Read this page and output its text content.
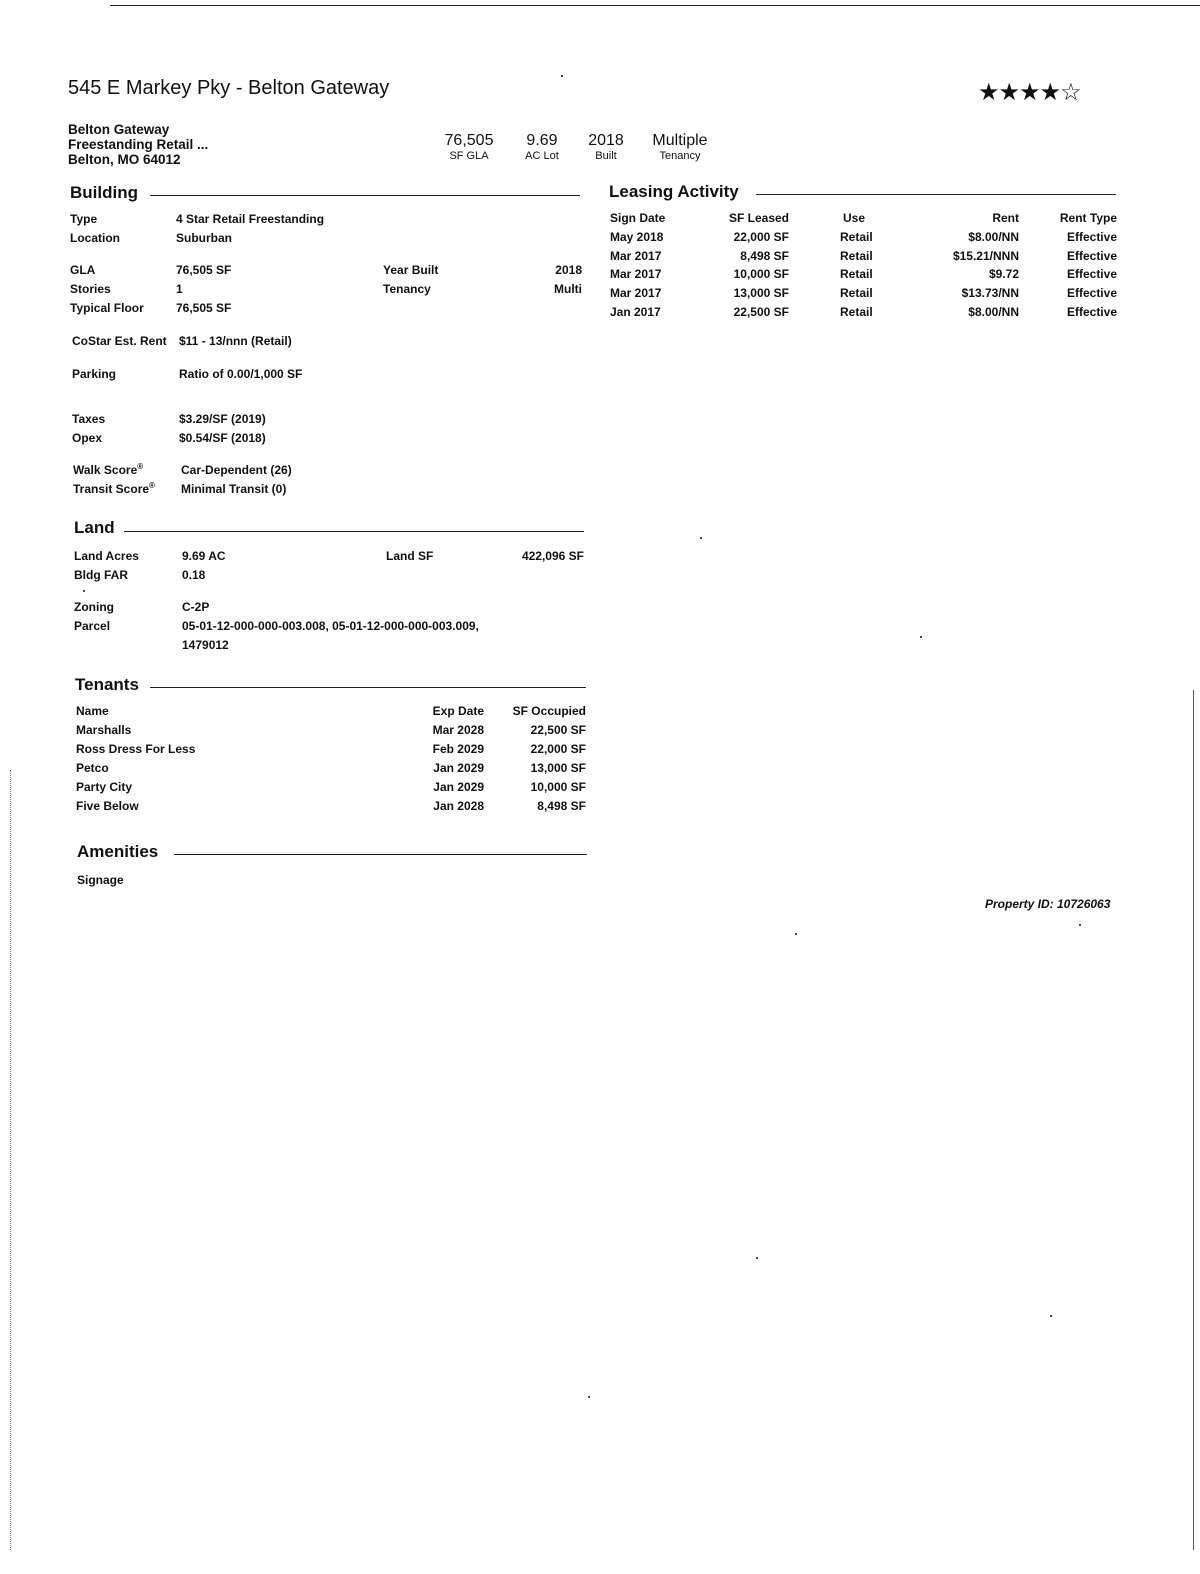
545 E Markey Pky - Belton Gateway	★★★★☆
Belton Gateway
Freestanding Retail ...
Belton, MO 64012
76,505
SF GLA
9.69
AC Lot
2018
Built
Multiple
Tenancy
Building
Type	4 Star Retail Freestanding
Location	Suburban
GLA	76,505 SF	Year Built	2018
Stories	1	Tenancy	Multi
Typical Floor	76,505 SF
CoStar Est. Rent $11 - 13/nnn (Retail)
Parking	Ratio of 0.00/1,000 SF
Taxes	$3.29/SF (2019)
Opex	$0.54/SF (2018)
Walk Score®	Car-Dependent (26)
Transit Score® Minimal Transit (0)
Land
Land Acres	9.69 AC	Land SF	422,096 SF
Bldg FAR	0.18
Zoning	C-2P
Parcel	05-01-12-000-000-003.008, 05-01-12-000-000-003.009,
1479012
Tenants
Name	Exp Date	SF Occupied
Marshalls	Mar 2028	22,500 SF
Ross Dress For Less	Feb 2029	22,000 SF
Petco	Jan 2029	13,000 SF
Party City	Jan 2029	10,000 SF
Five Below	Jan 2028	8,498 SF
Amenities
Signage
Leasing Activity
Sign Date	SF Leased	Use	Rent	Rent Type
May 2018	22,000 SF	Retail	$8.00/NN	Effective
Mar 2017	8,498 SF	Retail	$15.21/NNN	Effective
Mar 2017	10,000 SF	Retail	$9.72	Effective
Mar 2017	13,000 SF	Retail	$13.73/NN	Effective
Jan 2017	22,500 SF	Retail	$8.00/NN	Effective
Property ID: 10726063
